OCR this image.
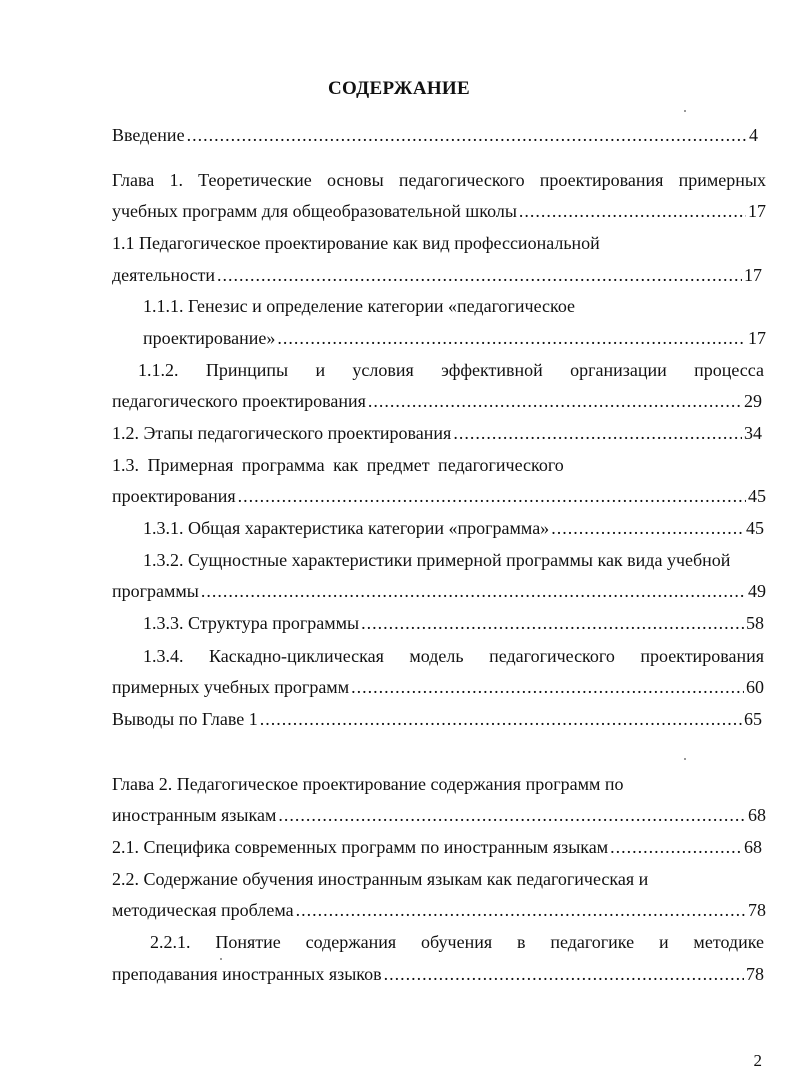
СОДЕРЖАНИЕ
Введение .....	4
Глава 1. Теоретические основы педагогического проектирования примерных
учебных программ для общеобразовательной школы .....	17
1.1 Педагогическое проектирование как вид профессиональной
деятельности .....	17
1.1.1. Генезис и определение категории «педагогическое
проектирование» .....	17
1.1.2. Принципы и условия эффективной организации процесса
педагогического проектирования .....	29
1.2. Этапы педагогического проектирования .....	34
1.3. Примерная программа как предмет педагогического
проектирования .....	45
1.3.1. Общая характеристика категории «программа» .....	45
1.3.2. Сущностные характеристики примерной программы как вида учебной
программы .....	49
1.3.3. Структура программы .....	58
1.3.4. Каскадно-циклическая модель педагогического проектирования
примерных учебных программ .....	60
Выводы по Главе 1 .....	65
Глава 2. Педагогическое проектирование содержания программ по
иностранным языкам .....	68
2.1. Специфика современных программ по иностранным языкам .....	68
2.2. Содержание обучения иностранным языкам как педагогическая и
методическая проблема .....	78
2.2.1. Понятие содержания обучения в педагогике и методике
преподавания иностранных языков .....	78
2
